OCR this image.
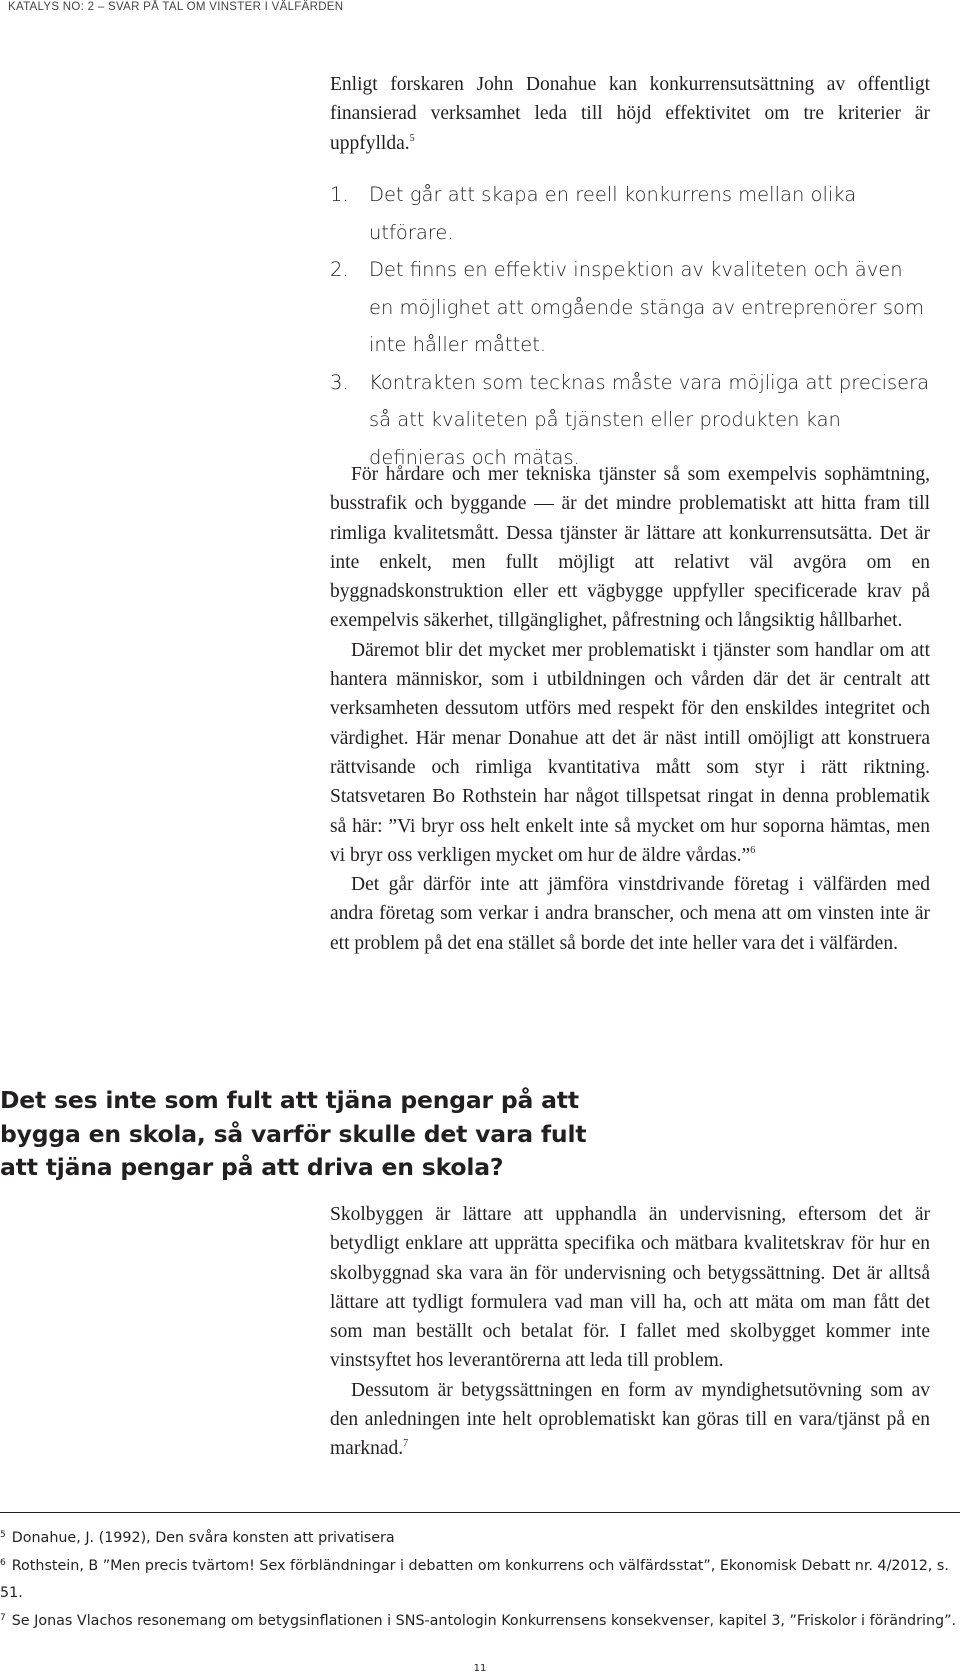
KATALYS NO: 2 – SVAR PÅ TAL OM VINSTER I VÄLFÄRDEN

Enligt forskaren John Donahue kan konkurrensutsättning av offentligt finansierad verksamhet leda till höjd effektivitet om tre kriterier är uppfyllda.$^5$

1. Det går att skapa en reell konkurrens mellan olika utförare.
2. Det finns en effektiv inspektion av kvaliteten och även en möjlighet att omgående stänga av entreprenörer som inte håller måttet.
3. Kontrakten som tecknas måste vara möjliga att precisera så att kvaliteten på tjänsten eller produkten kan definieras och mätas.

För hårdare och mer tekniska tjänster så som exempelvis sophämtning, busstrafik och byggande — är det mindre problematiskt att hitta fram till rimliga kvalitetsmått. Dessa tjänster är lättare att konkurrensutsätta. Det är inte enkelt, men fullt möjligt att relativt väl avgöra om en byggnadskonstruktion eller ett vägbygge uppfyller specificerade krav på exempelvis säkerhet, tillgänglighet, påfrestning och långsiktig hållbarhet.

Däremot blir det mycket mer problematiskt i tjänster som handlar om att hantera människor, som i utbildningen och vården där det är centralt att verksamheten dessutom utförs med respekt för den enskildes integritet och värdighet. Här menar Donahue att det är näst intill omöjligt att konstruera rättvisande och rimliga kvantitativa mått som styr i rätt riktning. Statsvetaren Bo Rothstein har något tillspetsat ringat in denna problematik så här: ”Vi bryr oss helt enkelt inte så mycket om hur soporna hämtas, men vi bryr oss verkligen mycket om hur de äldre vårdas.”$^6$

Det går därför inte att jämföra vinstdrivande företag i välfärden med andra företag som verkar i andra branscher, och mena att om vinsten inte är ett problem på det ena stället så borde det inte heller vara det i välfärden.

Det ses inte som fult att tjäna pengar på att bygga en skola, så varför skulle det vara fult att tjäna pengar på att driva en skola?

Skolbyggen är lättare att upphandla än undervisning, eftersom det är betydligt enklare att upprätta specifika och mätbara kvalitetskrav för hur en skolbyggnad ska vara än för undervisning och betygssättning. Det är alltså lättare att tydligt formulera vad man vill ha, och att mäta om man fått det som man beställt och betalat för. I fallet med skolbygget kommer inte vinstsyftet hos leverantörerna att leda till problem.

Dessutom är betygssättningen en form av myndighetsutövning som av den anledningen inte helt oproblematiskt kan göras till en vara/tjänst på en marknad.$^7$

$^5$ Donahue, J. (1992), Den svåra konsten att privatisera
$^6$ Rothstein, B ”Men precis tvärtom! Sex förbländningar i debatten om konkurrens och välfärdsstat”, Ekonomisk Debatt nr. 4/2012, s. 51.
$^7$ Se Jonas Vlachos resonemang om betygsinflationen i SNS-antologin Konkurrensens konsekvenser, kapitel 3, ”Friskolor i förändring”.
11
